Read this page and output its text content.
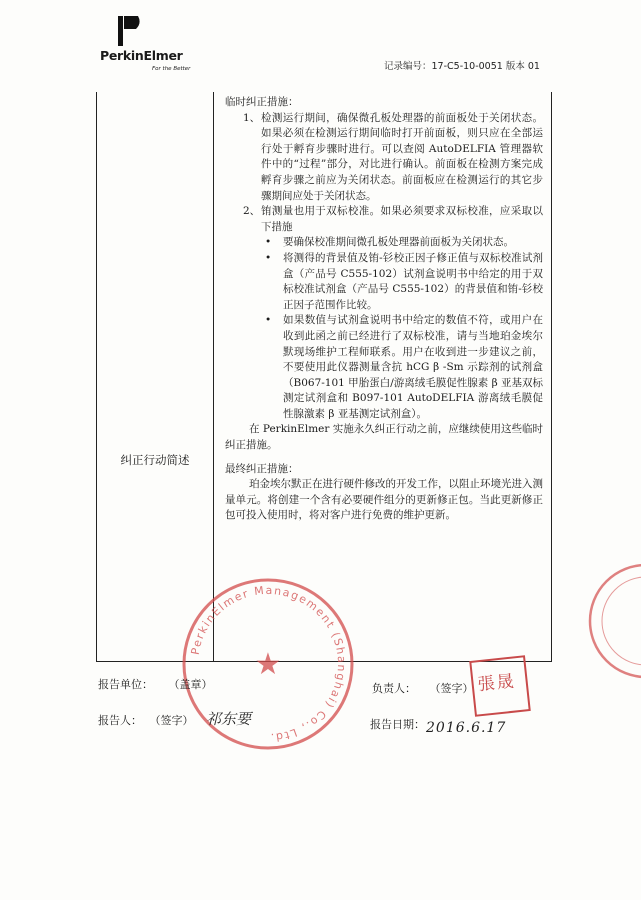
PerkinElmer
For the Better	记录编号：17-C5-10-0051 版本 01
纠正行动简述

临时纠正措施：

1、 检测运行期间，确保微孔板处理器的前面板处于关闭状态。如果必须在检测运行期间临时打开前面板，则只应在全部运行处于孵育步骤时进行。可以查阅 AutoDELFIA 管理器软件中的“过程”部分，对比进行确认。前面板在检测方案完成孵育步骤之前应为关闭状态。前面板应在检测运行的其它步骤期间应处于关闭状态。

2、 铕测量也用于双标校准。如果必须要求双标校准，应采取以下措施

• 要确保校准期间微孔板处理器前面板为关闭状态。

• 将测得的背景值及铕-钐校正因子修正值与双标校准试剂盒（产品号 C555-102）试剂盒说明书中给定的用于双标校准试剂盒（产品号 C555-102）的背景值和铕-钐校正因子范围作比较。

• 如果数值与试剂盒说明书中给定的数值不符，或用户在收到此函之前已经进行了双标校准，请与当地珀金埃尔默现场维护工程师联系。用户在收到进一步建议之前，不要使用此仪器测量含抗 hCG β -Sm 示踪剂的试剂盒（B067-101 甲胎蛋白/游离绒毛膜促性腺素 β 亚基双标测定试剂盒和 B097-101 AutoDELFIA 游离绒毛膜促性腺激素 β 亚基测定试剂盒）。

在 PerkinElmer 实施永久纠正行动之前，应继续使用这些临时纠正措施。

最终纠正措施：

珀金埃尔默正在进行硬件修改的开发工作，以阻止环境光进入测量单元。将创建一个含有必要硬件组分的更新修正包。当此更新修正包可投入使用时，将对客户进行免费的维护更新。

PerkinElmer Management (Shanghai) Co., Ltd.
★
报告单位： （盖章）	负责人： （签字） 張晟
报告人： （签字） 祁东要	报告日期： 2016.6.17
